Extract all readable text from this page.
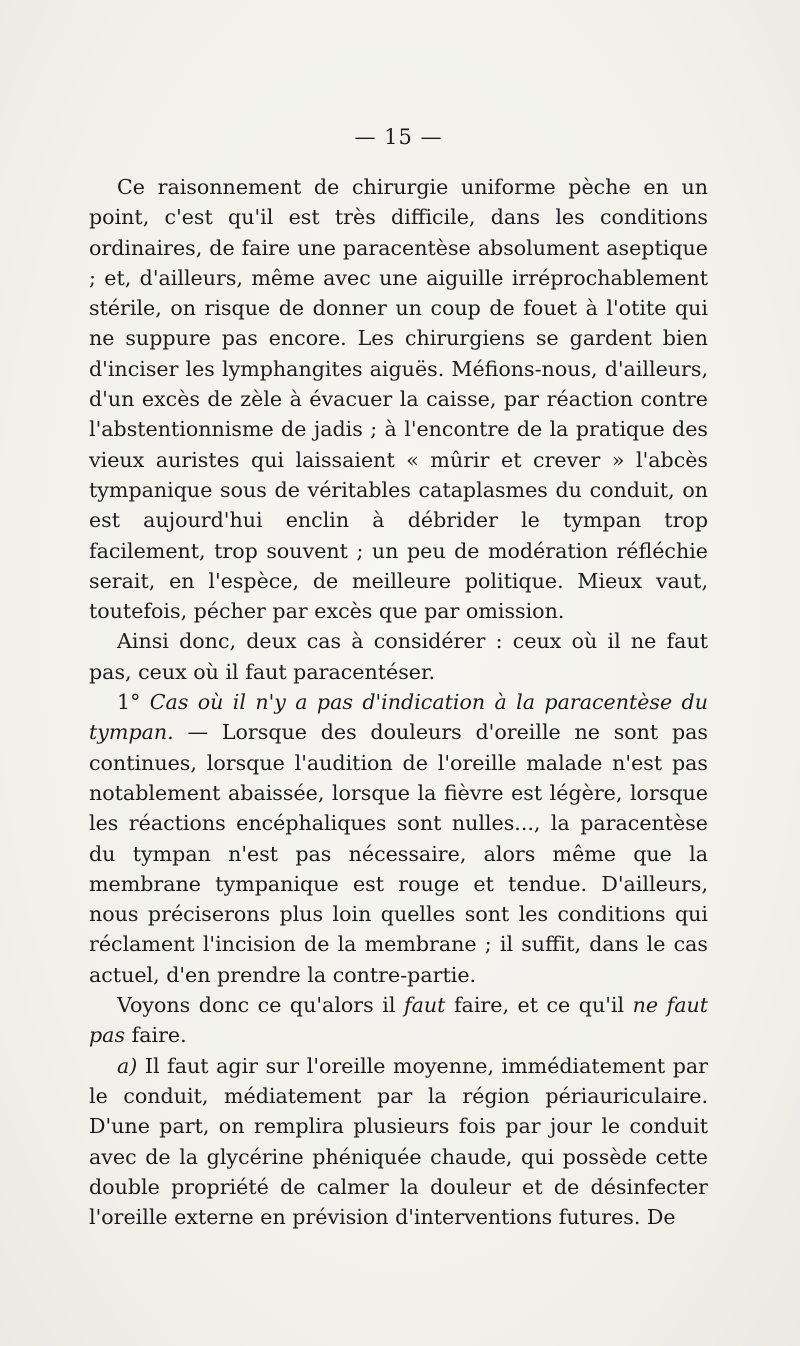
— 15 —

Ce raisonnement de chirurgie uniforme pèche en un point, c'est qu'il est très difficile, dans les conditions ordinaires, de faire une paracentèse absolument aseptique ; et, d'ailleurs, même avec une aiguille irréprochablement stérile, on risque de donner un coup de fouet à l'otite qui ne suppure pas encore. Les chirurgiens se gardent bien d'inciser les lymphangites aiguës. Méfions-nous, d'ailleurs, d'un excès de zèle à évacuer la caisse, par réaction contre l'abstentionnisme de jadis ; à l'encontre de la pratique des vieux auristes qui laissaient « mûrir et crever » l'abcès tympanique sous de véritables cataplasmes du conduit, on est aujourd'hui enclin à débrider le tympan trop facilement, trop souvent ; un peu de modération réfléchie serait, en l'espèce, de meilleure politique. Mieux vaut, toutefois, pécher par excès que par omission.

Ainsi donc, deux cas à considérer : ceux où il ne faut pas, ceux où il faut paracentéser.

1° Cas où il n'y a pas d'indication à la paracentèse du tympan. — Lorsque des douleurs d'oreille ne sont pas continues, lorsque l'audition de l'oreille malade n'est pas notablement abaissée, lorsque la fièvre est légère, lorsque les réactions encéphaliques sont nulles..., la paracentèse du tympan n'est pas nécessaire, alors même que la membrane tympanique est rouge et tendue. D'ailleurs, nous préciserons plus loin quelles sont les conditions qui réclament l'incision de la membrane ; il suffit, dans le cas actuel, d'en prendre la contre-partie.

Voyons donc ce qu'alors il faut faire, et ce qu'il ne faut pas faire.

a) Il faut agir sur l'oreille moyenne, immédiatement par le conduit, médiatement par la région périauriculaire. D'une part, on remplira plusieurs fois par jour le conduit avec de la glycérine phéniquée chaude, qui possède cette double propriété de calmer la douleur et de désinfecter l'oreille externe en prévision d'interventions futures. De
